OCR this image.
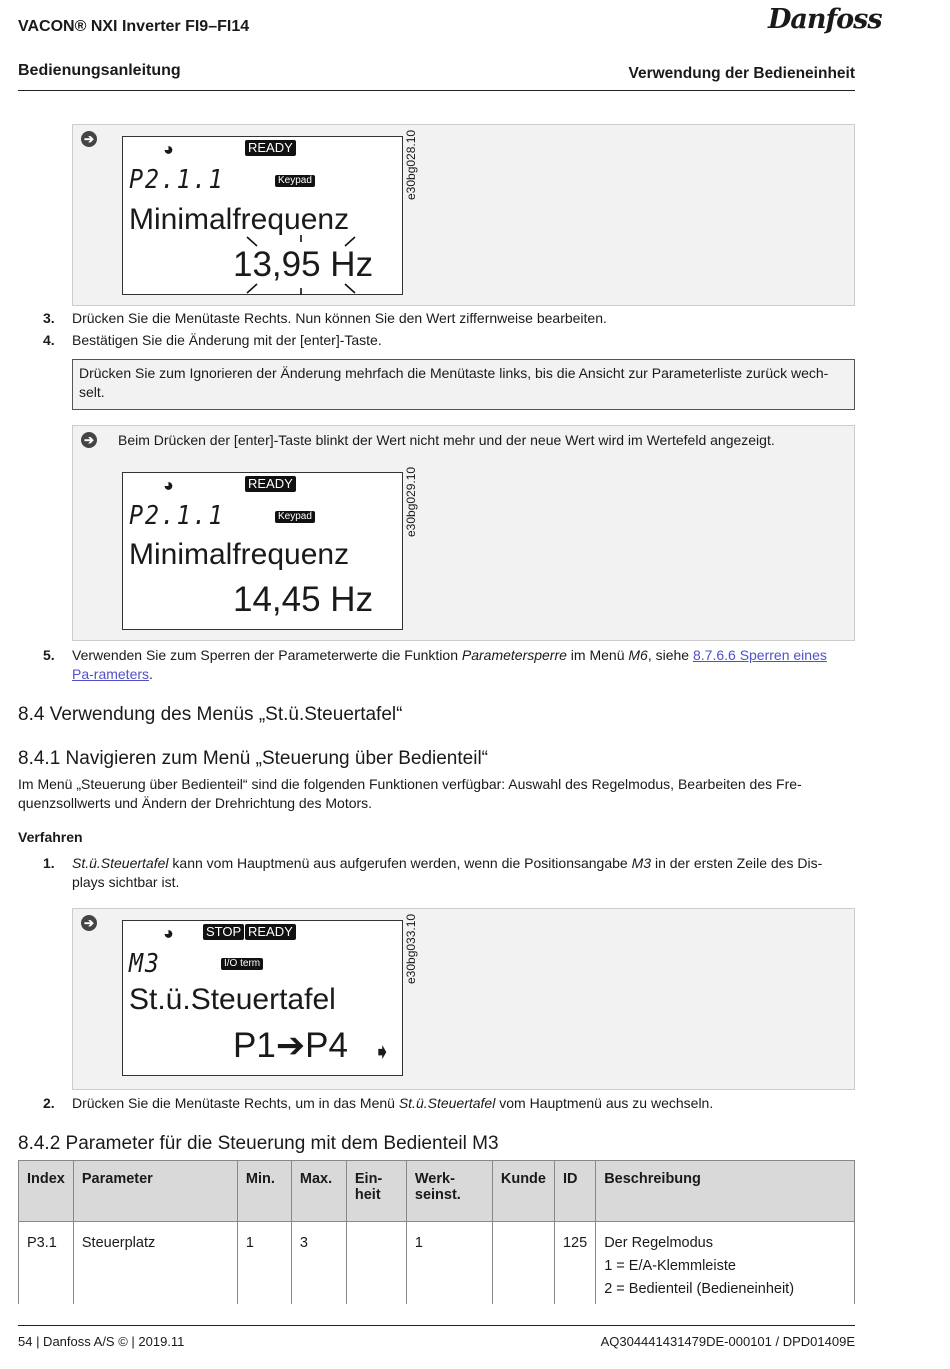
VACON® NXI Inverter FI9–FI14	Danfoss
Bedienungsanleitung	Verwendung der Bedieneinheit
➔	◕	READY
P2.1.1	Keypad
Minimalfrequenz
13,95 Hz
e30bg028.10
3. Drücken Sie die Menütaste Rechts. Nun können Sie den Wert ziffernweise bearbeiten.
4. Bestätigen Sie die Änderung mit der [enter]-Taste.
Drücken Sie zum Ignorieren der Änderung mehrfach die Menütaste links, bis die Ansicht zur Parameterliste zurück wech-selt.
➔ Beim Drücken der [enter]-Taste blinkt der Wert nicht mehr und der neue Wert wird im Wertefeld angezeigt.
◕	READY
P2.1.1	Keypad
Minimalfrequenz
14,45 Hz
e30bg029.10
5. Verwenden Sie zum Sperren der Parameterwerte die Funktion Parametersperre im Menü M6, siehe 8.7.6.6 Sperren eines Pa-rameters.
8.4 Verwendung des Menüs „St.ü.Steuertafel“
8.4.1 Navigieren zum Menü „Steuerung über Bedienteil“
Im Menü „Steuerung über Bedienteil“ sind die folgenden Funktionen verfügbar: Auswahl des Regelmodus, Bearbeiten des Fre-quenzsollwerts und Ändern der Drehrichtung des Motors.
Verfahren
1. St.ü.Steuertafel kann vom Hauptmenü aus aufgerufen werden, wenn die Positionsangabe M3 in der ersten Zeile des Dis-plays sichtbar ist.
➔	◕ STOP READY
M3	I/O term
St.ü.Steuertafel
P1➔P4 ➧
e30bg033.10
2. Drücken Sie die Menütaste Rechts, um in das Menü St.ü.Steuertafel vom Hauptmenü aus zu wechseln.
8.4.2 Parameter für die Steuerung mit dem Bedienteil M3
Index	Parameter	Min.	Max.	Ein-heit	Werk-seinst.	Kunde	ID	Beschreibung
P3.1	Steuerplatz	1	3		1		125	Der Regelmodus
1 = E/A-Klemmleiste
2 = Bedienteil (Bedieneinheit)
54 | Danfoss A/S © | 2019.11	AQ304441431479DE-000101 / DPD01409E
